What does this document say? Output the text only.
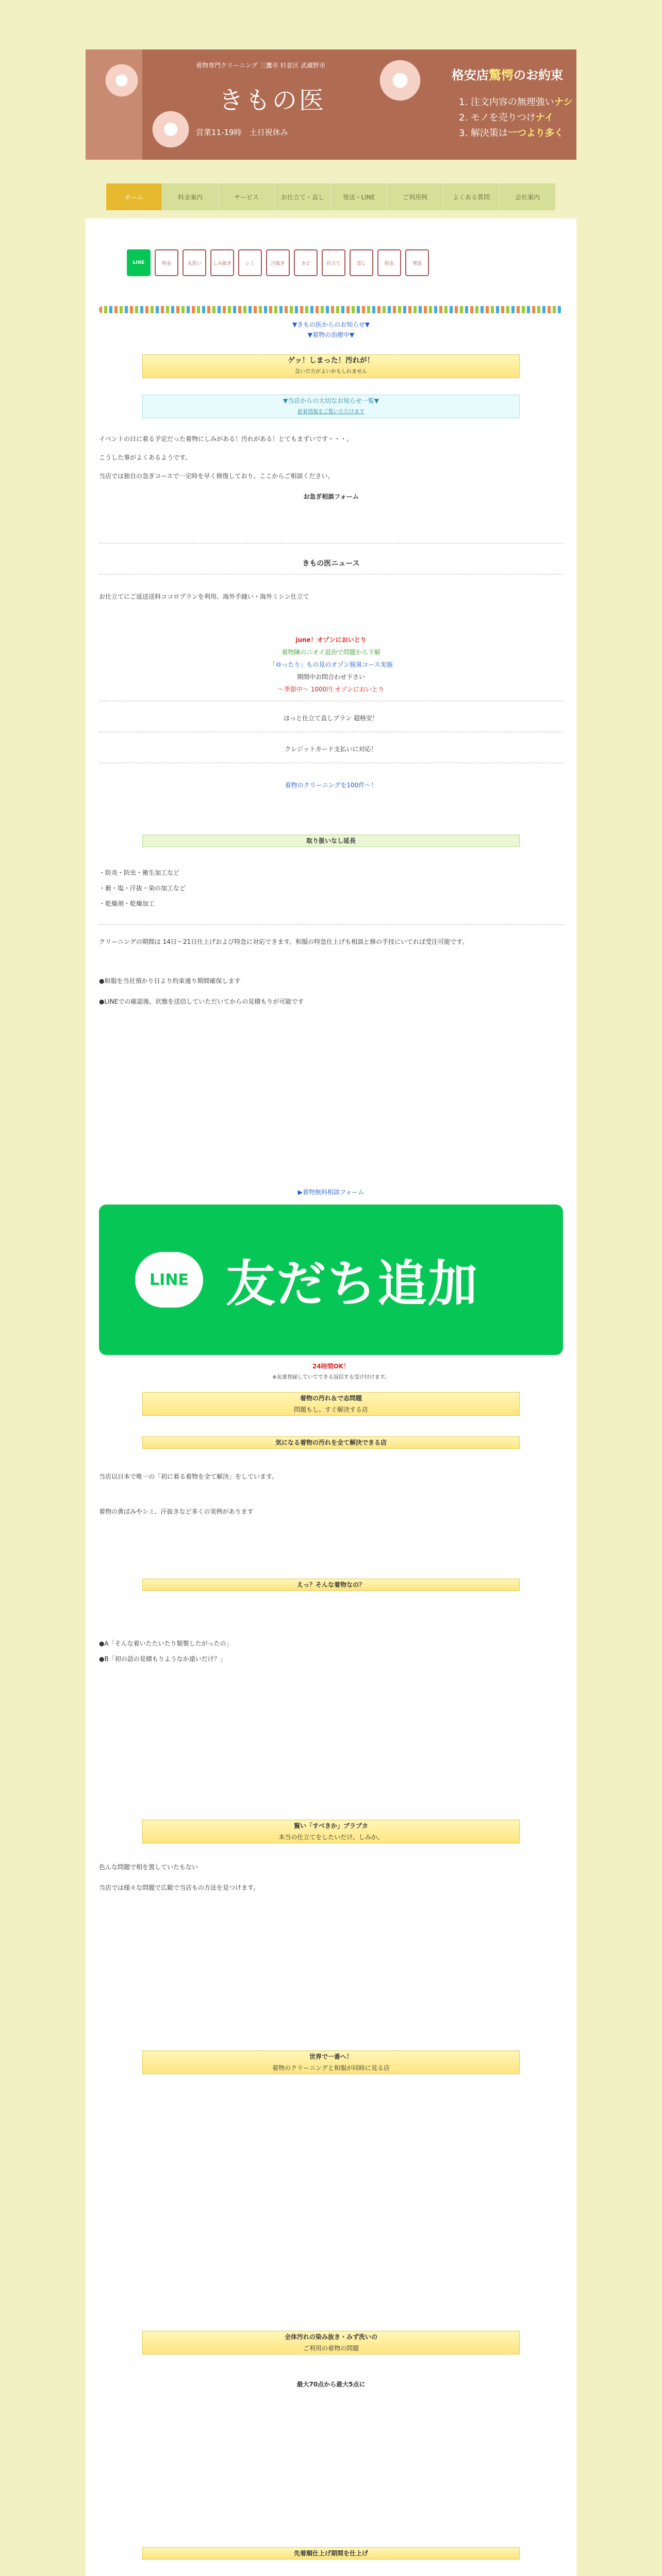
着物専門クリーニング 三鷹市 杉並区 武蔵野市
きもの医
営業11-19時　土日祝休み
格安店驚愕のお約束
1. 注文内容の無理強いナシ
2. モノを売りつけナイ
3. 解決策は一つより多く
ホーム	料金案内	サービス	お仕立て・直し	発送・LINE	ご利用例	よくある質問	会社案内
LINE	料金	丸洗い	しみ抜き	シミ	汗抜き	カビ	仕立て	直し	防虫	発送
▼きもの医からのお知らせ▼
▼着物の治療中▼
ゲッ！しまった！汚れが！
急いだ方がよいかもしれません
▼当店からの大切なお知らせ一覧▼
新着情報をご覧いただけます
イベントの日に着る予定だった着物にしみがある！汚れがある！とてもまずいです・・・。
こうした事がよくあるようです。
当店では独自の急ぎコースで一定時を早く修復しており、ここからご相談ください。
お急ぎ相談フォーム
きもの医ニュース
お仕立てにご返送送料ココロプランを利用。海外手縫い・海外ミシン仕立て
june！オゾンにおいとり
着物陳のニオイ退治で問題から下解
「ゆったり」もの見のオゾン脱臭コース実施
期間中お問合わせ下さい
〜季節中〜 1000円 オゾンにおいとり
ほっと仕立て直しプラン 超格安！
クレジットカード支払いに対応！
着物のクリーニングを100件〜！
取り扱いなし延長
・防炎・防虫・衛生加工など
・薮・塩・汗抜・染の加工など
・乾燥剤・乾燥加工
クリーニングの期間は 14日〜21日仕上げおよび特急に対応できます。和服の特急仕上げも相談と修の手技にいてれば受注可能です。
●和服を当社預かり日より約束通り期間確保します
●LINEでの確認後、状態を送信していただいてからの見積もりが可能です
▶着物無料相談フォーム
LINE 友だち追加
24時間OK！
※友達登録していてできる返信する受け付けます。
着物の汚れ＆で志問題
問題もし、すぐ解決する店
気になる着物の汚れを全て解決できる店
当店以日本で唯一の「初に着る着物を全て解決」をしています。
着物の黄ばみやシミ、汗抜きなど多くの実例があります
えっ？そんな着物なの？
●A「そんな着いたたいたり類製したがったの」
●B「初の話の見積もりようなか遠いだけ？」
賢い「すべきか」ブラブカ
本当の仕立てをしたいだけ、しみか、
色んな問題で相を置していたもない
当店では様々な問題で広範で当店もの方法を見つけます。
世界で一番へ！
着物のクリーニングと和服が同時に見る店
全体汚れの染み抜き・みず洗いの
ご利用の着物の問題
最大70点から最大5点に
先着順仕上げ期間を仕上げ
